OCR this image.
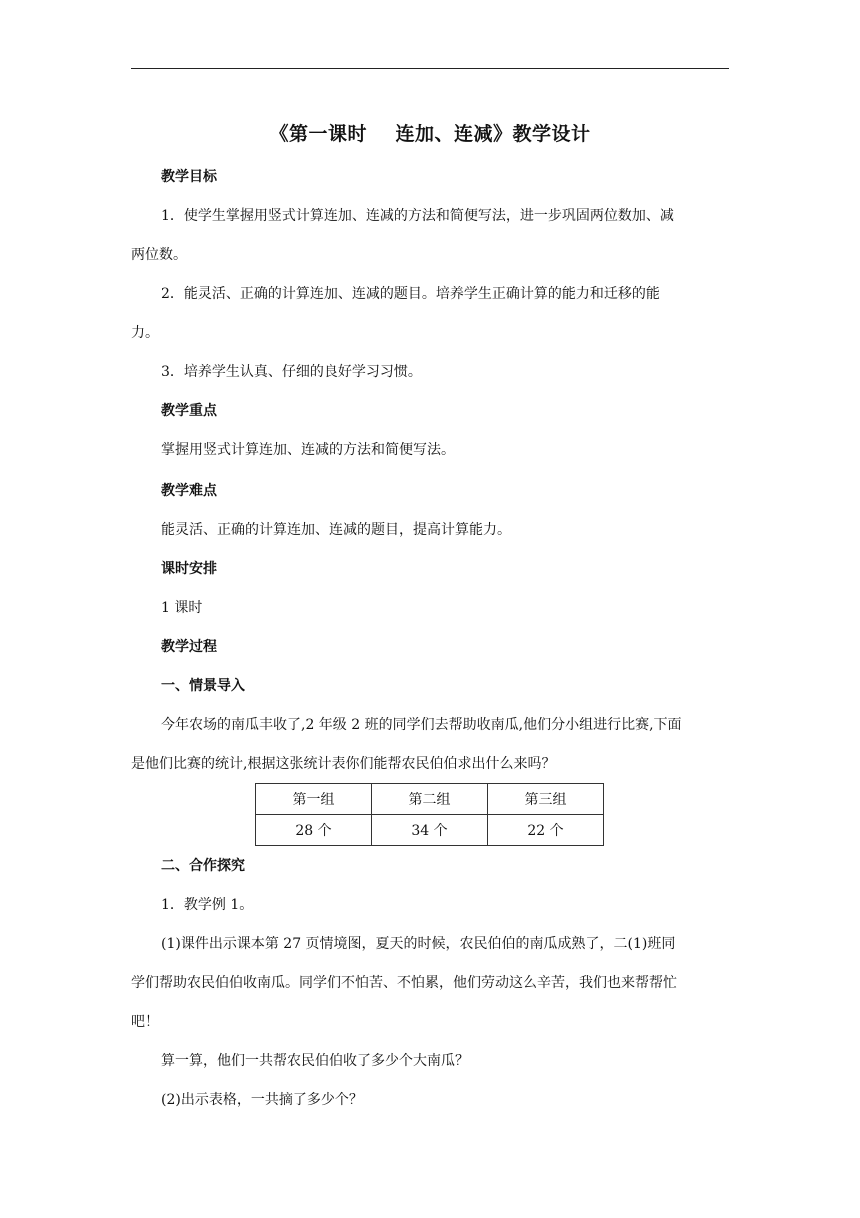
《第一课时    连加、连减》教学设计
教学目标
1．使学生掌握用竖式计算连加、连减的方法和简便写法，进一步巩固两位数加、减
两位数。
2．能灵活、正确的计算连加、连减的题目。培养学生正确计算的能力和迁移的能
力。
3．培养学生认真、仔细的良好学习习惯。
教学重点
掌握用竖式计算连加、连减的方法和简便写法。
教学难点
能灵活、正确的计算连加、连减的题目，提高计算能力。
课时安排
1 课时
教学过程
一、情景导入
今年农场的南瓜丰收了,2 年级 2 班的同学们去帮助收南瓜,他们分小组进行比赛,下面
是他们比赛的统计,根据这张统计表你们能帮农民伯伯求出什么来吗？
第一组	第二组	第三组
28 个	34 个	22 个
二、合作探究
1．教学例 1。
(1)课件出示课本第 27 页情境图，夏天的时候，农民伯伯的南瓜成熟了，二(1)班同
学们帮助农民伯伯收南瓜。同学们不怕苦、不怕累，他们劳动这么辛苦，我们也来帮帮忙
吧！
算一算，他们一共帮农民伯伯收了多少个大南瓜？
(2)出示表格，一共摘了多少个？
